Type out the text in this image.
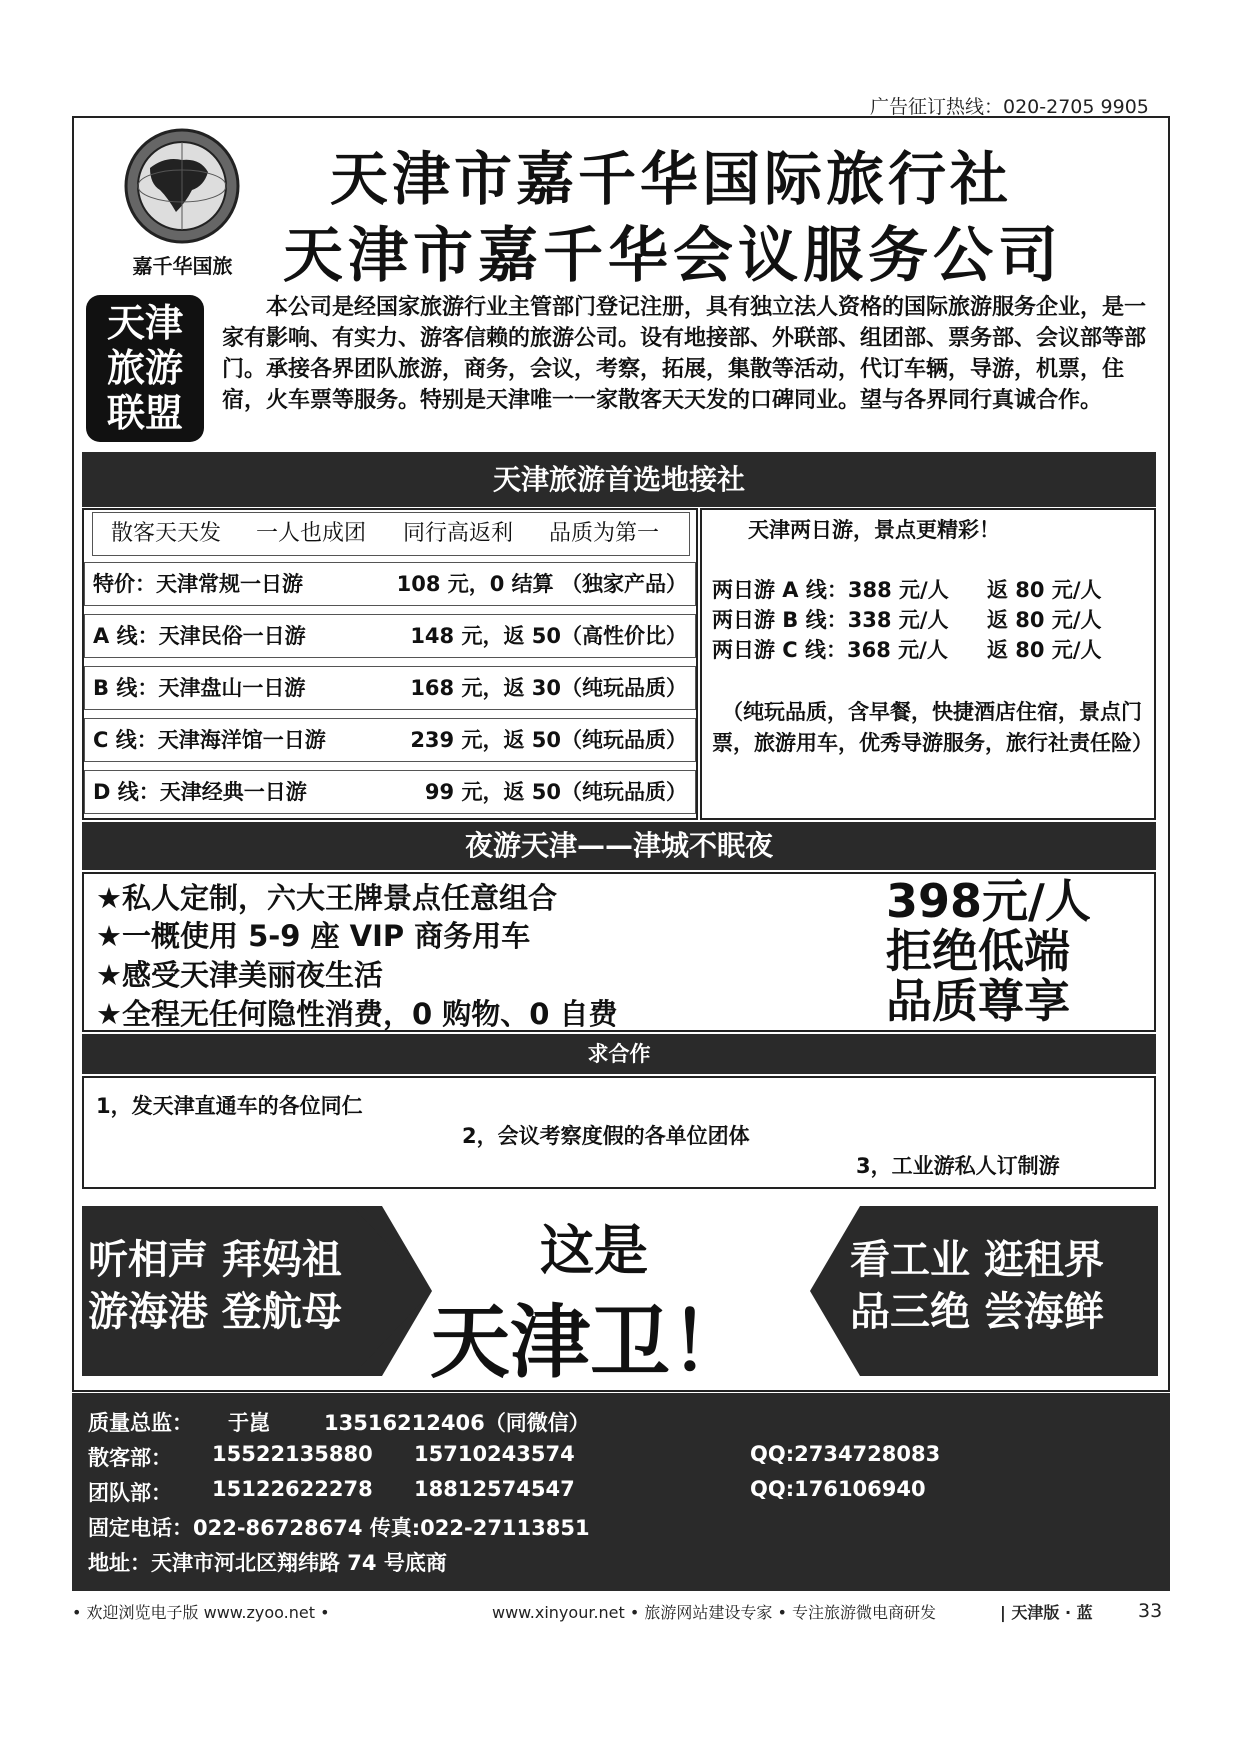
广告征订热线：020-2705 9905
嘉千华国旅
天津市嘉千华国际旅行社
天津市嘉千华会议服务公司
天津
旅游
联盟
本公司是经国家旅游行业主管部门登记注册，具有独立法人资格的国际旅游服务企业，是一家有影响、有实力、游客信赖的旅游公司。设有地接部、外联部、组团部、票务部、会议部等部门。承接各界团队旅游，商务，会议，考察，拓展，集散等活动，代订车辆，导游，机票，住宿，火车票等服务。特别是天津唯一一家散客天天发的口碑同业。望与各界同行真诚合作。
天津旅游首选地接社
散客天天发 一人也成团 同行高返利 品质为第一
特价：天津常规一日游	108 元，0 结算 （独家产品）
A 线：天津民俗一日游	148 元，返 50（高性价比）
B 线：天津盘山一日游	168 元，返 30（纯玩品质）
C 线：天津海洋馆一日游	239 元，返 50（纯玩品质）
D 线：天津经典一日游	99 元，返 50（纯玩品质）
天津两日游，景点更精彩！
两日游 A 线：388 元/人 返 80 元/人
两日游 B 线：338 元/人 返 80 元/人
两日游 C 线：368 元/人 返 80 元/人
（纯玩品质，含早餐，快捷酒店住宿，景点门票，旅游用车，优秀导游服务，旅行社责任险）
夜游天津——津城不眠夜
★私人定制，六大王牌景点任意组合
★一概使用 5-9 座 VIP 商务用车
★感受天津美丽夜生活
★全程无任何隐性消费，0 购物、0 自费
398元/人
拒绝低端
品质尊享
求合作
1，发天津直通车的各位同仁
2，会议考察度假的各单位团体
3，工业游私人订制游
听相声 拜妈祖
游海港 登航母
这是
天津卫！
看工业 逛租界
品三绝 尝海鲜
质量总监： 于崑	13516212406（同微信）
散客部： 15522135880 15710243574	QQ:2734728083
团队部： 15122622278 18812574547	QQ:176106940
固定电话：022-86728674 传真:022-27113851
地址：天津市河北区翔纬路 74 号底商
• 欢迎浏览电子版 www.zyoo.net •	www.xinyour.net • 旅游网站建设专家 • 专注旅游微电商研发	| 天津版 · 蓝 33
